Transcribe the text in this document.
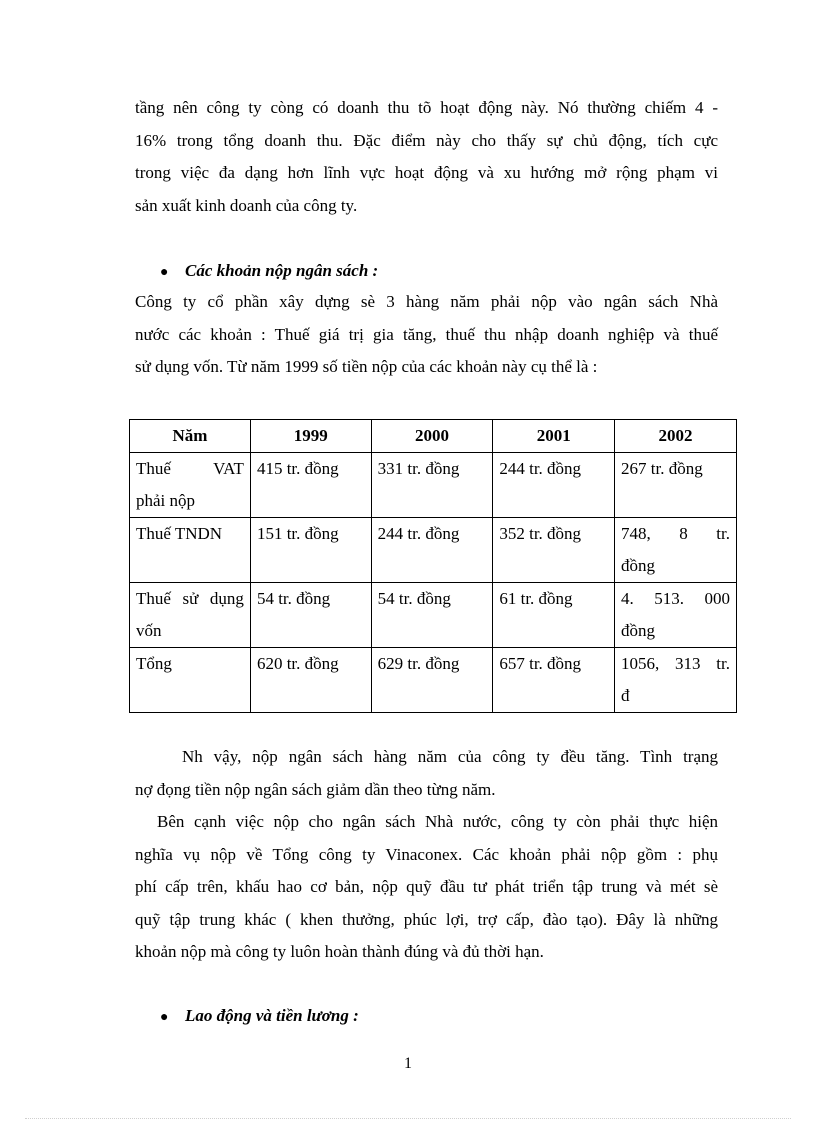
tầng nên công ty còng có doanh thu tõ hoạt động này. Nó thường chiếm 4 -
16% trong tổng doanh thu. Đặc điểm này cho thấy sự chủ động, tích cực
trong việc đa dạng hơn lĩnh vực hoạt động và xu hướng mở rộng phạm vi
sản xuất kinh doanh của công ty.

● Các khoản nộp ngân sách :

Công ty cổ phần xây dựng sè 3 hàng năm phải nộp vào ngân sách Nhà
nước các khoản : Thuế giá trị gia tăng, thuế thu nhập doanh nghiệp và thuế
sử dụng vốn. Từ năm 1999 số tiền nộp của các khoản này cụ thể là :

Năm	1999	2000	2001	2002

Thuế VAT
phải nộp	415 tr. đồng	331 tr. đồng	244 tr. đồng	267 tr. đồng
Thuế TNDN	151 tr. đồng	244 tr. đồng	352 tr. đồng	748, 8 tr.
đồng

Thuế sử dụng
vốn	54 tr. đồng	54 tr. đồng	61 tr. đồng	4. 513. 000
đồng

Tổng	620 tr. đồng	629 tr. đồng	657 tr. đồng	1056, 313 tr.
đ

Nh vậy, nộp ngân sách hàng năm của công ty đều tăng. Tình trạng
nợ đọng tiền nộp ngân sách giảm dần theo từng năm.

Bên cạnh việc nộp cho ngân sách Nhà nước, công ty còn phải thực hiện
nghĩa vụ nộp về Tổng công ty Vinaconex. Các khoản phải nộp gồm : phụ
phí cấp trên, khấu hao cơ bản, nộp quỹ đầu tư phát triển tập trung và mét sè
quỹ tập trung khác ( khen thưởng, phúc lợi, trợ cấp, đào tạo). Đây là những
khoản nộp mà công ty luôn hoàn thành đúng và đủ thời hạn.

● Lao động và tiền lương :
1
